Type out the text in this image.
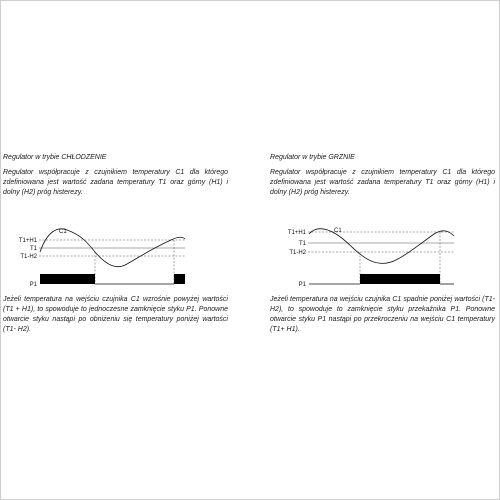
Regulator w trybie CHŁODZENIE
Regulator współpracuje z czujnikiem temperatury C1 dla którego zdefiniowana jest wartość zadana temperatury T1 oraz górny (H1) i dolny (H2) próg histerezy.
T1+H1
T1
T1-H2
C1
P1
Jeżeli temperatura na wejściu czujnika C1 wzrośnie powyżej wartości (T1 + H1), to spowoduje to jednoczesne zamknięcie styku P1. Ponowne otwarcie styku nastąpi po obniżeniu się temperatury poniżej wartości (T1- H2).
Regulator w trybie GRZNIE
Regulator współpracuje z czujnikiem temperatury C1 dla którego zdefiniowana jest wartość zadana temperatury T1 oraz górny (H1) i dolny (H2) próg histerezy.
T1+H1
T1
T1-H2
C1
P1
Jeżeli temperatura na wejściu czujnika C1 spadnie poniżej wartości (T1-H2), to spowoduje to zamknięcie styku przekaźnika P1. Ponowne otwarcie styku P1 nastąpi po przekroczeniu na wejściu C1 temperatury (T1+ H1).
